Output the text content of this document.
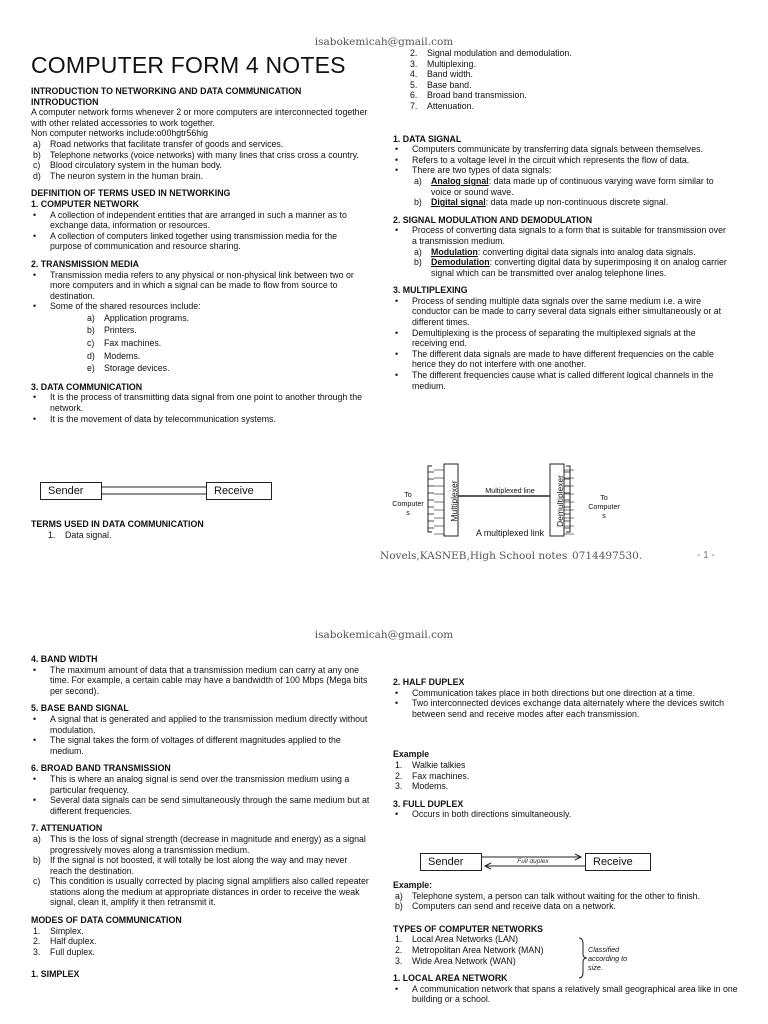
isabokemicah@gmail.com
COMPUTER FORM 4 NOTES
INTRODUCTION TO NETWORKING AND DATA COMMUNICATION
INTRODUCTION

A computer network forms whenever 2 or more computers are interconnected together with other related accessories to work together.

Non computer networks include:o00hgtr56hig

a) Road networks that facilitate transfer of goods and services.
b) Telephone networks (voice networks) with many lines that criss cross a country.
c) Blood circulatory system in the human body.
d) The neuron system in the human brain.
DEFINITION OF TERMS USED IN NETWORKING
1. COMPUTER NETWORK
• A collection of independent entities that are arranged in such a manner as to exchange data, information or resources.
• A collection of computers linked together using transmission media for the purpose of communication and resource sharing.
2. TRANSMISSION MEDIA
• Transmission media refers to any physical or non-physical link between two or more computers and in which a signal can be made to flow from source to destination.
• Some of the shared resources include:
a) Application programs.
b) Printers.
c) Fax machines.
d) Modems.
e) Storage devices.
3. DATA COMMUNICATION
• It is the process of transmitting data signal from one point to another through the network.
• It is the movement of data by telecommunication systems.
Sender	Receive
TERMS USED IN DATA COMMUNICATION
1. Data signal.
2. Signal modulation and demodulation.
3. Multiplexing.
4. Band width.
5. Base band.
6. Broad band transmission.
7. Attenuation.
1. DATA SIGNAL
• Computers communicate by transferring data signals between themselves.
• Refers to a voltage level in the circuit which represents the flow of data.
• There are two types of data signals:
a) Analog signal: data made up of continuous varying wave form similar to voice or sound wave.
b) Digital signal: data made up non-continuous discrete signal.
2. SIGNAL MODULATION AND DEMODULATION
• Process of converting data signals to a form that is suitable for transmission over a transmission medium.
a) Modulation: converting digital data signals into analog data signals.
b) Demodulation: converting digital data by superimposing it on analog carrier signal which can be transmitted over analog telephone lines.
3. MULTIPLEXING
• Process of sending multiple data signals over the same medium i.e. a wire conductor can be made to carry several data signals either simultaneously or at different times.
• Demultiplexing is the process of separating the multiplexed signals at the receiving end.
• The different data signals are made to have different frequencies on the cable hence they do not interfere with one another.
• The different frequencies cause what is called different logical channels in the medium.
Multiplexer	Demultiplexer
To
Computer
s
To
Computer
s
Multiplexed line
A multiplexed link
Novels,KASNEB,High School notes 0714497530.	- 1 -
isabokemicah@gmail.com
4. BAND WIDTH
• The maximum amount of data that a transmission medium can carry at any one time. For example, a certain cable may have a bandwidth of 100 Mbps (Mega bits per second).
5. BASE BAND SIGNAL
• A signal that is generated and applied to the transmission medium directly without modulation.
• The signal takes the form of voltages of different magnitudes applied to the medium.
6. BROAD BAND TRANSMISSION
• This is where an analog signal is send over the transmission medium using a particular frequency.
• Several data signals can be send simultaneously through the same medium but at different frequencies.
7. ATTENUATION
a) This is the loss of signal strength (decrease in magnitude and energy) as a signal progressively moves along a transmission medium.
b) If the signal is not boosted, it will totally be lost along the way and may never reach the destination.
c) This condition is usually corrected by placing signal amplifiers also called repeater stations along the medium at appropriate distances in order to receive the weak signal, clean it, amplify it then retransmit it.
MODES OF DATA COMMUNICATION
1. Simplex.
2. Half duplex.
3. Full duplex.
1. SIMPLEX
2. HALF DUPLEX
• Communication takes place in both directions but one direction at a time.
• Two interconnected devices exchange data alternately where the devices switch between send and receive modes after each transmission.
Example
1. Walkie talkies
2. Fax machines.
3. Modems.
3. FULL DUPLEX
• Occurs in both directions simultaneously.
Sender	Full duplex	Receive
Example:
a) Telephone system, a person can talk without waiting for the other to finish.
b) Computers can send and receive data on a network.
TYPES OF COMPUTER NETWORKS
1. Local Area Networks (LAN)
2. Metropolitan Area Network (MAN)
3. Wide Area Network (WAN)
1. LOCAL AREA NETWORK
• A communication network that spans a relatively small geographical area like in one building or a school.
Classified according to size.
